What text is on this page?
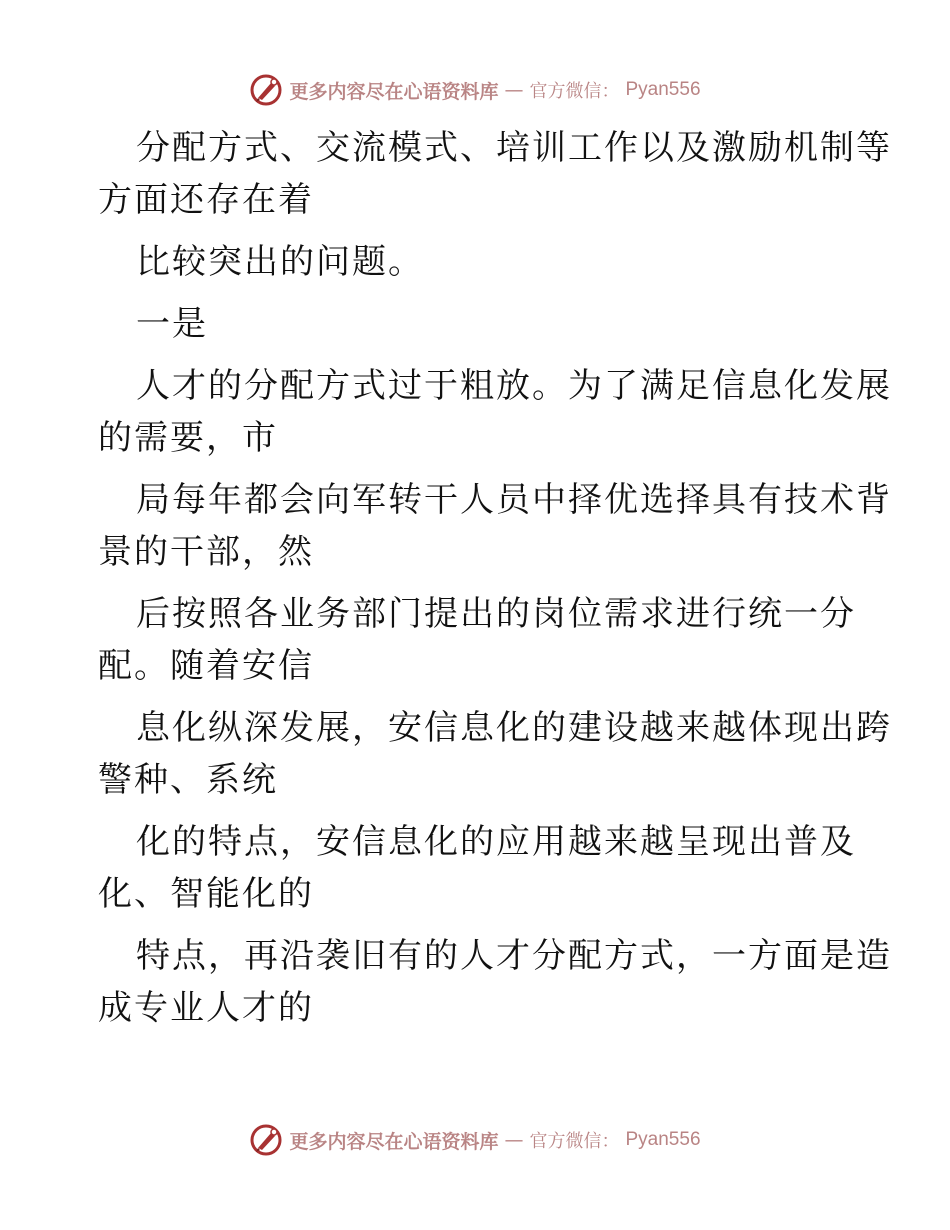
更多内容尽在心语资料库 — 官方微信： Pyan556

分配方式、交流模式、培训工作以及激励机制等

方面还存在着

比较突出的问题。

一是

人才的分配方式过于粗放。为了满足信息化发展

的需要，市

局每年都会向军转干人员中择优选择具有技术背

景的干部，然

后按照各业务部门提出的岗位需求进行统一分

配。随着安信

息化纵深发展，安信息化的建设越来越体现出跨

警种、系统

化的特点，安信息化的应用越来越呈现出普及

化、智能化的

特点，再沿袭旧有的人才分配方式，一方面是造

成专业人才的

更多内容尽在心语资料库 — 官方微信： Pyan556
